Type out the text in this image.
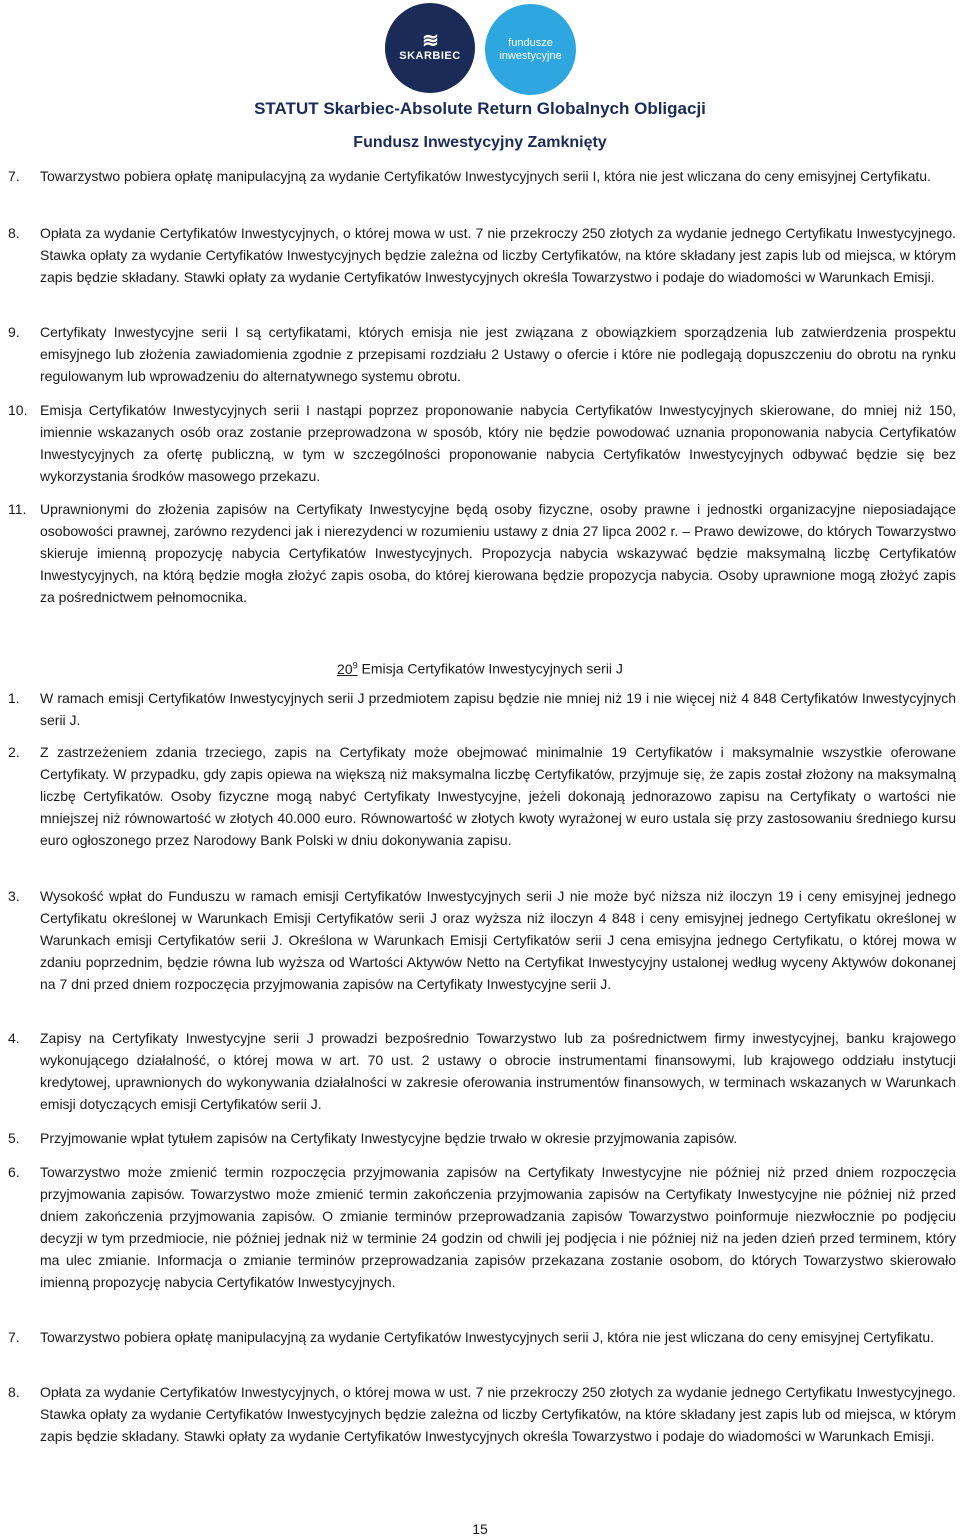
≋
SKARBIEC
fundusze
inwestycyjne
STATUT Skarbiec-Absolute Return Globalnych Obligacji
Fundusz Inwestycyjny Zamknięty
7. Towarzystwo pobiera opłatę manipulacyjną za wydanie Certyfikatów Inwestycyjnych serii I, która nie jest wliczana do ceny emisyjnej Certyfikatu.
8. Opłata za wydanie Certyfikatów Inwestycyjnych, o której mowa w ust. 7 nie przekroczy 250 złotych za wydanie jednego Certyfikatu Inwestycyjnego. Stawka opłaty za wydanie Certyfikatów Inwestycyjnych będzie zależna od liczby Certyfikatów, na które składany jest zapis lub od miejsca, w którym zapis będzie składany. Stawki opłaty za wydanie Certyfikatów Inwestycyjnych określa Towarzystwo i podaje do wiadomości w Warunkach Emisji.
9. Certyfikaty Inwestycyjne serii I są certyfikatami, których emisja nie jest związana z obowiązkiem sporządzenia lub zatwierdzenia prospektu emisyjnego lub złożenia zawiadomienia zgodnie z przepisami rozdziału 2 Ustawy o ofercie i które nie podlegają dopuszczeniu do obrotu na rynku regulowanym lub wprowadzeniu do alternatywnego systemu obrotu.
10. Emisja Certyfikatów Inwestycyjnych serii I nastąpi poprzez proponowanie nabycia Certyfikatów Inwestycyjnych skierowane, do mniej niż 150, imiennie wskazanych osób oraz zostanie przeprowadzona w sposób, który nie będzie powodować uznania proponowania nabycia Certyfikatów Inwestycyjnych za ofertę publiczną, w tym w szczególności proponowanie nabycia Certyfikatów Inwestycyjnych odbywać będzie się bez wykorzystania środków masowego przekazu.
11. Uprawnionymi do złożenia zapisów na Certyfikaty Inwestycyjne będą osoby fizyczne, osoby prawne i jednostki organizacyjne nieposiadające osobowości prawnej, zarówno rezydenci jak i nierezydenci w rozumieniu ustawy z dnia 27 lipca 2002 r. – Prawo dewizowe, do których Towarzystwo skieruje imienną propozycję nabycia Certyfikatów Inwestycyjnych. Propozycja nabycia wskazywać będzie maksymalną liczbę Certyfikatów Inwestycyjnych, na którą będzie mogła złożyć zapis osoba, do której kierowana będzie propozycja nabycia. Osoby uprawnione mogą złożyć zapis za pośrednictwem pełnomocnika.
$20^9$ Emisja Certyfikatów Inwestycyjnych serii J
1. W ramach emisji Certyfikatów Inwestycyjnych serii J przedmiotem zapisu będzie nie mniej niż 19 i nie więcej niż 4 848 Certyfikatów Inwestycyjnych serii J.
2. Z zastrzeżeniem zdania trzeciego, zapis na Certyfikaty może obejmować minimalnie 19 Certyfikatów i maksymalnie wszystkie oferowane Certyfikaty. W przypadku, gdy zapis opiewa na większą niż maksymalna liczbę Certyfikatów, przyjmuje się, że zapis został złożony na maksymalną liczbę Certyfikatów. Osoby fizyczne mogą nabyć Certyfikaty Inwestycyjne, jeżeli dokonają jednorazowo zapisu na Certyfikaty o wartości nie mniejszej niż równowartość w złotych 40.000 euro. Równowartość w złotych kwoty wyrażonej w euro ustala się przy zastosowaniu średniego kursu euro ogłoszonego przez Narodowy Bank Polski w dniu dokonywania zapisu.
3. Wysokość wpłat do Funduszu w ramach emisji Certyfikatów Inwestycyjnych serii J nie może być niższa niż iloczyn 19 i ceny emisyjnej jednego Certyfikatu określonej w Warunkach Emisji Certyfikatów serii J oraz wyższa niż iloczyn 4 848 i ceny emisyjnej jednego Certyfikatu określonej w Warunkach emisji Certyfikatów serii J. Określona w Warunkach Emisji Certyfikatów serii J cena emisyjna jednego Certyfikatu, o której mowa w zdaniu poprzednim, będzie równa lub wyższa od Wartości Aktywów Netto na Certyfikat Inwestycyjny ustalonej według wyceny Aktywów dokonanej na 7 dni przed dniem rozpoczęcia przyjmowania zapisów na Certyfikaty Inwestycyjne serii J.
4. Zapisy na Certyfikaty Inwestycyjne serii J prowadzi bezpośrednio Towarzystwo lub za pośrednictwem firmy inwestycyjnej, banku krajowego wykonującego działalność, o której mowa w art. 70 ust. 2 ustawy o obrocie instrumentami finansowymi, lub krajowego oddziału instytucji kredytowej, uprawnionych do wykonywania działalności w zakresie oferowania instrumentów finansowych, w terminach wskazanych w Warunkach emisji dotyczących emisji Certyfikatów serii J.
5. Przyjmowanie wpłat tytułem zapisów na Certyfikaty Inwestycyjne będzie trwało w okresie przyjmowania zapisów.
6. Towarzystwo może zmienić termin rozpoczęcia przyjmowania zapisów na Certyfikaty Inwestycyjne nie później niż przed dniem rozpoczęcia przyjmowania zapisów. Towarzystwo może zmienić termin zakończenia przyjmowania zapisów na Certyfikaty Inwestycyjne nie później niż przed dniem zakończenia przyjmowania zapisów. O zmianie terminów przeprowadzania zapisów Towarzystwo poinformuje niezwłocznie po podjęciu decyzji w tym przedmiocie, nie później jednak niż w terminie 24 godzin od chwili jej podjęcia i nie później niż na jeden dzień przed terminem, który ma ulec zmianie. Informacja o zmianie terminów przeprowadzania zapisów przekazana zostanie osobom, do których Towarzystwo skierowało imienną propozycję nabycia Certyfikatów Inwestycyjnych.
7. Towarzystwo pobiera opłatę manipulacyjną za wydanie Certyfikatów Inwestycyjnych serii J, która nie jest wliczana do ceny emisyjnej Certyfikatu.
8. Opłata za wydanie Certyfikatów Inwestycyjnych, o której mowa w ust. 7 nie przekroczy 250 złotych za wydanie jednego Certyfikatu Inwestycyjnego. Stawka opłaty za wydanie Certyfikatów Inwestycyjnych będzie zależna od liczby Certyfikatów, na które składany jest zapis lub od miejsca, w którym zapis będzie składany. Stawki opłaty za wydanie Certyfikatów Inwestycyjnych określa Towarzystwo i podaje do wiadomości w Warunkach Emisji.
15
